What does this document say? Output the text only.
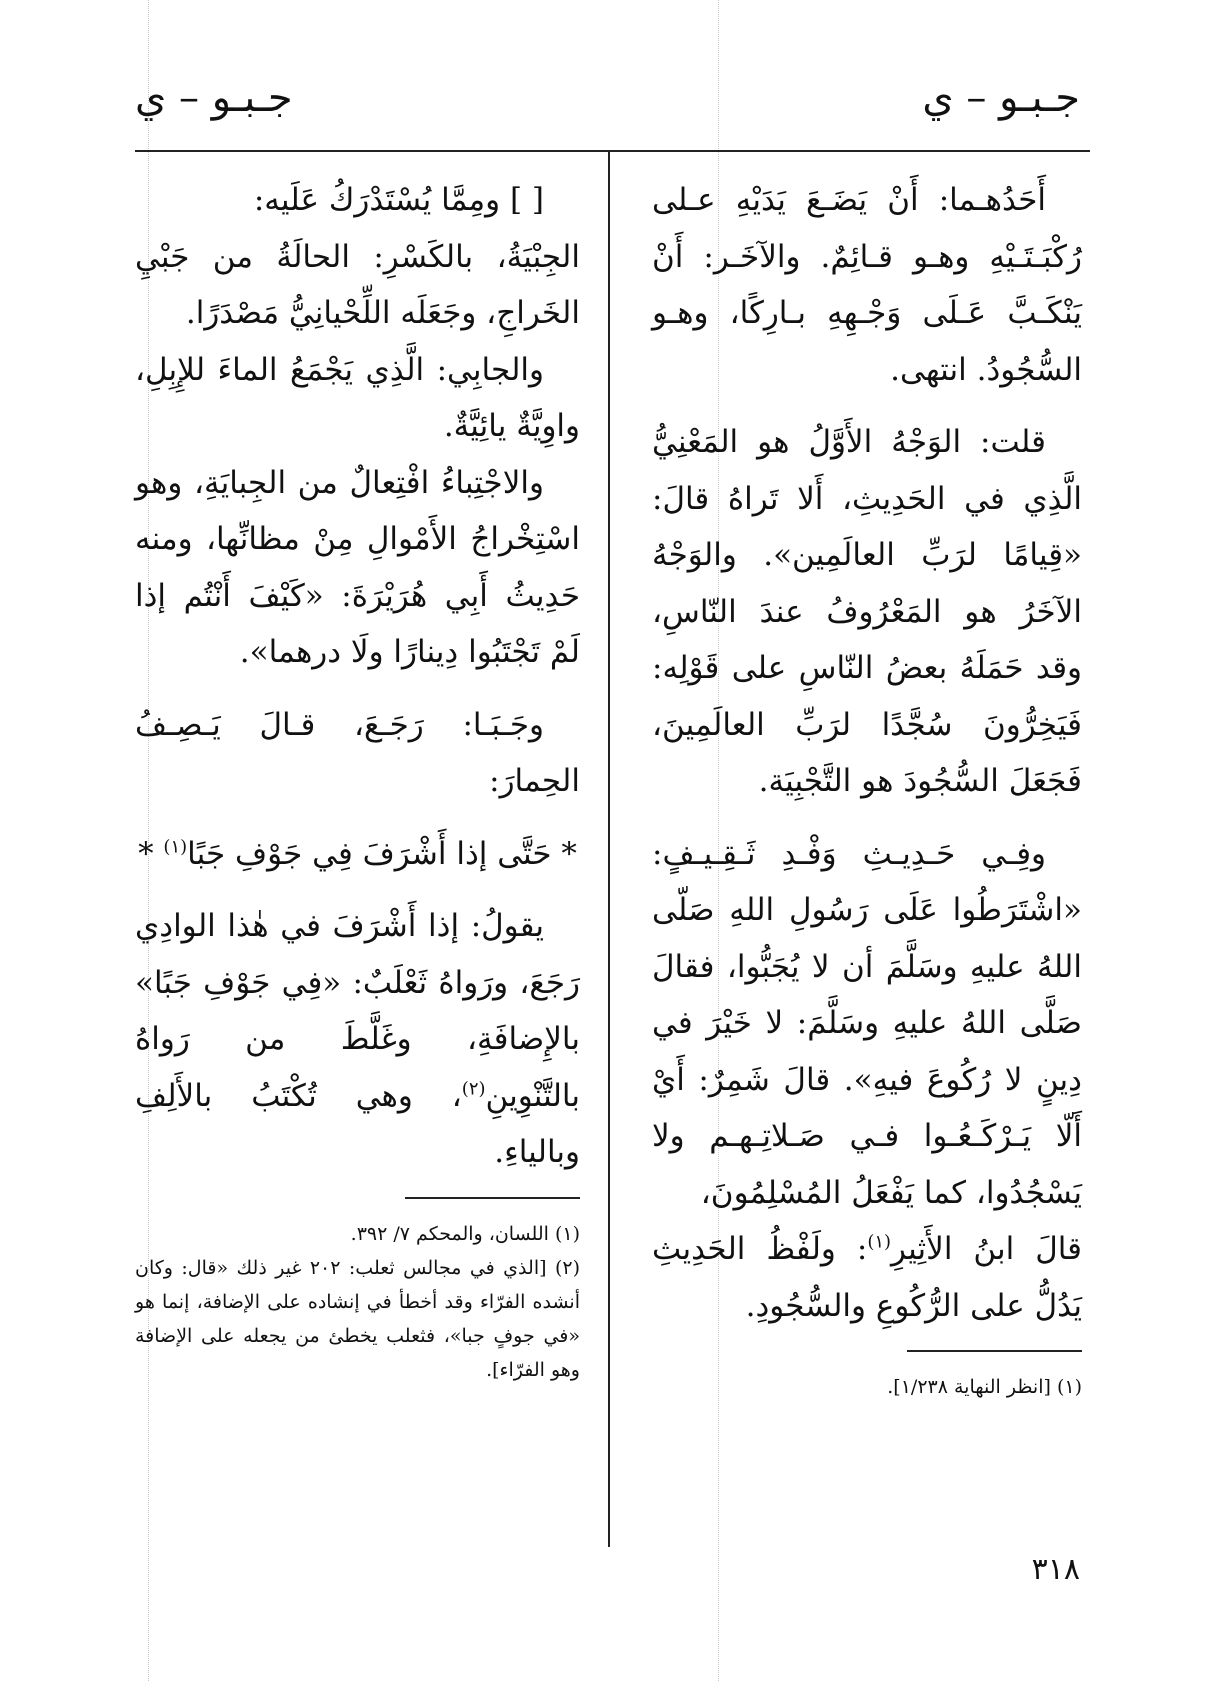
جـبـو – ي
جـبـو – ي

أَحَدُهـما: أَنْ يَضَـعَ يَدَيْهِ عـلى رُكْبَـتَـيْهِ وهـو قـائِمٌ. والآخَـر: أَنْ يَنْكَـبَّ عَـلَى وَجْـهِهِ بـارِكًا، وهـو السُّجُودُ. انتهى.

قلت: الوَجْهُ الأَوَّلُ هو المَعْنِيُّ الَّذِي في الحَدِيثِ، أَلا تَراهُ قالَ: «قِيامًا لرَبِّ العالَمِين». والوَجْهُ الآخَرُ هو المَعْرُوفُ عندَ النّاسِ، وقد حَمَلَهُ بعضُ النّاسِ على قَوْلِه: فَيَخِرُّونَ سُجَّدًا لرَبِّ العالَمِينَ، فَجَعَلَ السُّجُودَ هو التَّجْبِيَة.

وفِـي حَـدِيـثِ وَفْـدِ ثَـقِـيـفٍ: «اشْتَرَطُوا عَلَى رَسُولِ اللهِ صَلّى اللهُ عليهِ وسَلَّمَ أن لا يُجَبُّوا، فقالَ صَلَّى اللهُ عليهِ وسَلَّمَ: لا خَيْرَ في دِينٍ لا رُكُوعَ فيهِ». قالَ شَمِرٌ: أَيْ أَلّا يَـرْكَـعُـوا فـي صَـلاتِـهـم ولا يَسْجُدُوا، كما يَفْعَلُ المُسْلِمُونَ،

قالَ ابنُ الأَثِيرِ$^{(١)}$: ولَفْظُ الحَدِيثِ يَدُلُّ على الرُّكُوعِ والسُّجُودِ.

(١) [انظر النهاية ١/٢٣٨].

[ ] ومِمَّا يُسْتَدْرَكُ عَلَيه:

الجِبْيَةُ، بالكَسْرِ: الحالَةُ من جَبْيِ الخَراجِ، وجَعَلَه اللِّحْيانِيُّ مَصْدَرًا.

والجابِي: الَّذِي يَجْمَعُ الماءَ للإِبِلِ، واوِيَّةٌ يائِيَّةٌ.

والاجْتِباءُ افْتِعالٌ من الجِبايَةِ، وهو اسْتِخْراجُ الأَمْوالِ مِنْ مظانِّها، ومنه حَدِيثُ أَبِي هُرَيْرَةَ: «كَيْفَ أَنْتُم إذا لَمْ تَجْتَبُوا دِينارًا ولَا درهما».

وجَـبَـا: رَجَـعَ، قـالَ يَـصِـفُ الحِمارَ:

* حَتَّى إذا أَشْرَفَ فِي جَوْفِ جَبًا$^{(١)}$ *

يقولُ: إذا أَشْرَفَ في هٰذا الوادِي رَجَعَ، ورَواهُ ثَعْلَبٌ: «فِي جَوْفِ جَبًا» بالإِضافَةِ، وغَلَّطَ من رَواهُ بالتَّنْوِينِ$^{(٢)}$، وهي تُكْتَبُ بالأَلِفِ وبالياءِ.

(١) اللسان، والمحكم ٧/ ٣٩٢.

(٢) [الذي في مجالس ثعلب: ٢٠٢ غير ذلك «قال: وكان أنشده الفرّاء وقد أخطأ في إنشاده على الإضافة، إنما هو «في جوفٍ جبا»، فثعلب يخطئ من يجعله على الإضافة وهو الفرّاء].

٣١٨
